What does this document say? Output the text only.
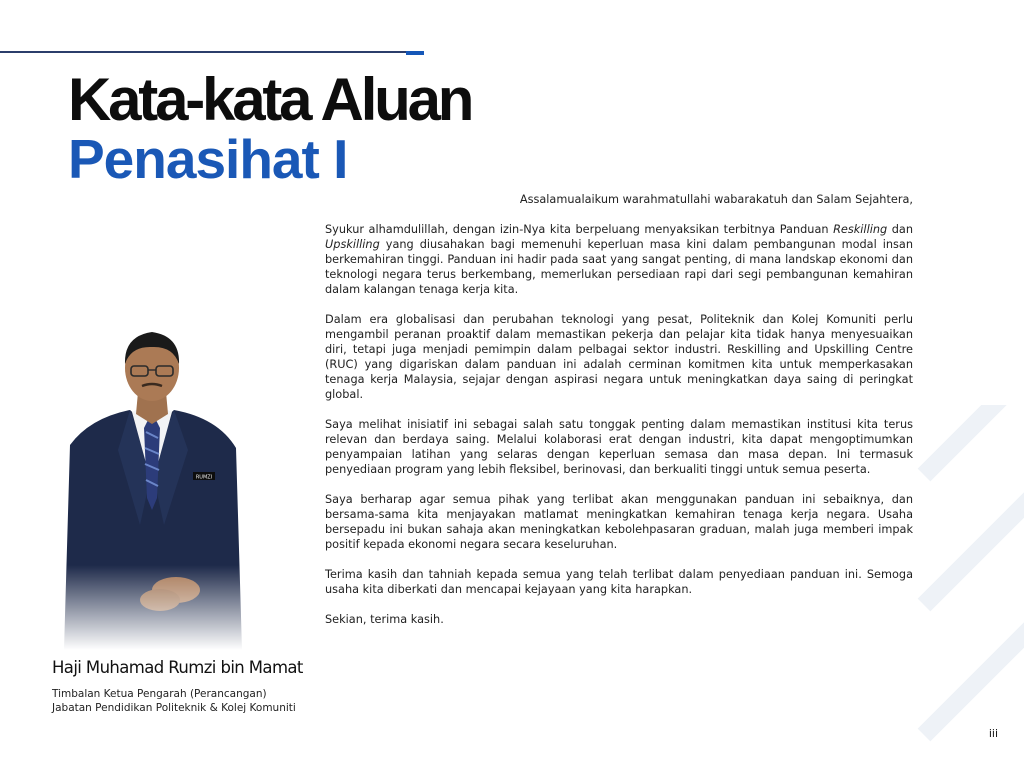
Kata-kata Aluan
Penasihat I

Assalamualaikum warahmatullahi wabarakatuh dan Salam Sejahtera,

Syukur alhamdulillah, dengan izin-Nya kita berpeluang menyaksikan terbitnya Panduan Reskilling dan Upskilling yang diusahakan bagi memenuhi keperluan masa kini dalam pembangunan modal insan berkemahiran tinggi. Panduan ini hadir pada saat yang sangat penting, di mana landskap ekonomi dan teknologi negara terus berkembang, memerlukan persediaan rapi dari segi pembangunan kemahiran dalam kalangan tenaga kerja kita.

Dalam era globalisasi dan perubahan teknologi yang pesat, Politeknik dan Kolej Komuniti perlu mengambil peranan proaktif dalam memastikan pekerja dan pelajar kita tidak hanya menyesuaikan diri, tetapi juga menjadi pemimpin dalam pelbagai sektor industri. Reskilling and Upskilling Centre (RUC) yang digariskan dalam panduan ini adalah cerminan komitmen kita untuk memperkasakan tenaga kerja Malaysia, sejajar dengan aspirasi negara untuk meningkatkan daya saing di peringkat global.

Saya melihat inisiatif ini sebagai salah satu tonggak penting dalam memastikan institusi kita terus relevan dan berdaya saing. Melalui kolaborasi erat dengan industri, kita dapat mengoptimumkan penyampaian latihan yang selaras dengan keperluan semasa dan masa depan. Ini termasuk penyediaan program yang lebih fleksibel, berinovasi, dan berkualiti tinggi untuk semua peserta.

Saya berharap agar semua pihak yang terlibat akan menggunakan panduan ini sebaiknya, dan bersama-sama kita menjayakan matlamat meningkatkan kemahiran tenaga kerja negara. Usaha bersepadu ini bukan sahaja akan meningkatkan kebolehpasaran graduan, malah juga memberi impak positif kepada ekonomi negara secara keseluruhan.

Terima kasih dan tahniah kepada semua yang telah terlibat dalam penyediaan panduan ini. Semoga usaha kita diberkati dan mencapai kejayaan yang kita harapkan.

Sekian, terima kasih.

RUMZI
Haji Muhamad Rumzi bin Mamat
Timbalan Ketua Pengarah (Perancangan)
Jabatan Pendidikan Politeknik & Kolej Komuniti
iii
